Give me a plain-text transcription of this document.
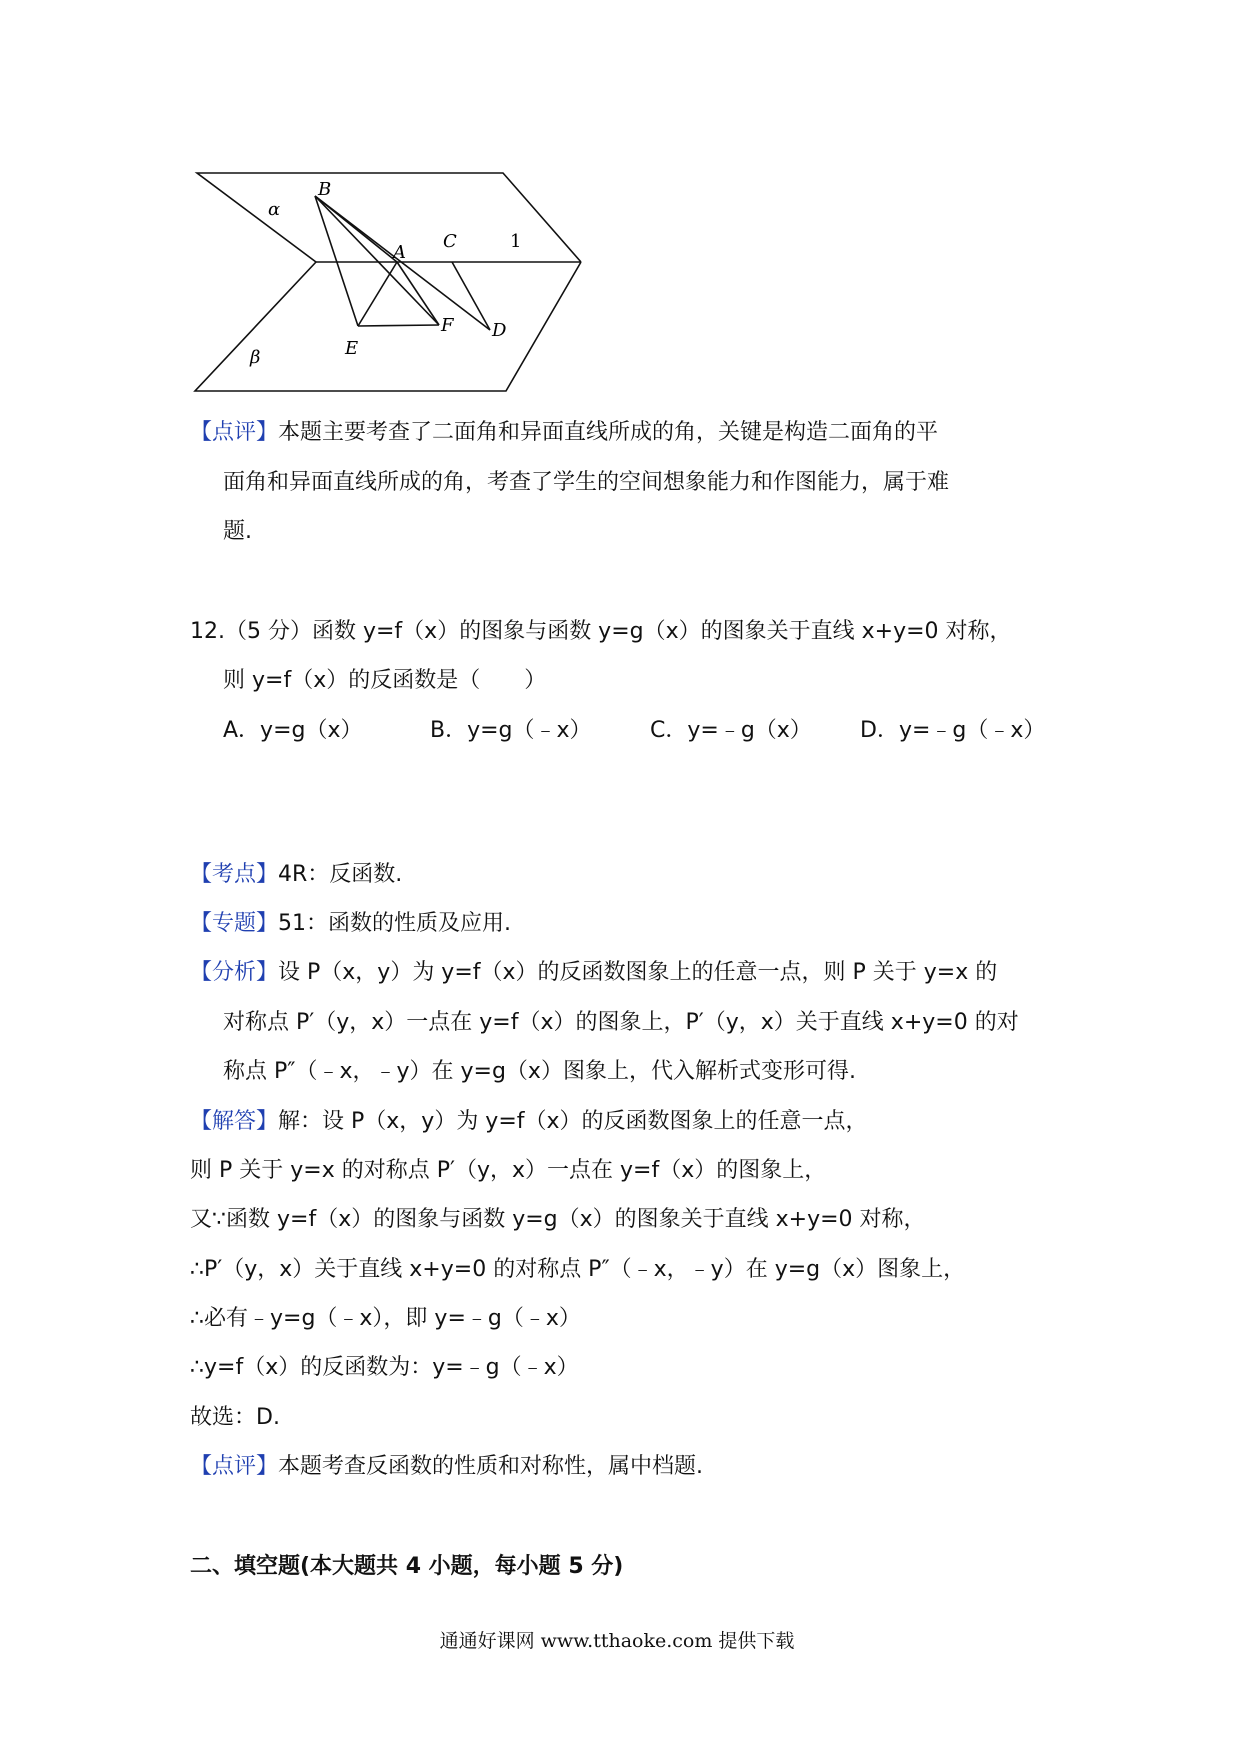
α
B
A
C	1
E
F D
β
【点评】本题主要考查了二面角和异面直线所成的角，关键是构造二面角的平
面角和异面直线所成的角，考查了学生的空间想象能力和作图能力，属于难
题.
12.（5 分）函数 y=f（x）的图象与函数 y=g（x）的图象关于直线 x+y=0 对称，
则 y=f（x）的反函数是（　　）
A．y=g（x）	B．y=g（﹣x）	C．y=﹣g（x） D．y=﹣g（﹣x）
【考点】4R：反函数.
【专题】51：函数的性质及应用.
【分析】设 P（x，y）为 y=f（x）的反函数图象上的任意一点，则 P 关于 y=x 的
对称点 P′（y，x）一点在 y=f（x）的图象上，P′（y，x）关于直线 x+y=0 的对
称点 P″（﹣x，﹣y）在 y=g（x）图象上，代入解析式变形可得.
【解答】解：设 P（x，y）为 y=f（x）的反函数图象上的任意一点，
则 P 关于 y=x 的对称点 P′（y，x）一点在 y=f（x）的图象上，
又∵函数 y=f（x）的图象与函数 y=g（x）的图象关于直线 x+y=0 对称，
∴P′（y，x）关于直线 x+y=0 的对称点 P″（﹣x，﹣y）在 y=g（x）图象上，
∴必有﹣y=g（﹣x），即 y=﹣g（﹣x）
∴y=f（x）的反函数为：y=﹣g（﹣x）
故选：D.
【点评】本题考查反函数的性质和对称性，属中档题.
二、填空题(本大题共 4 小题，每小题 5 分)
通通好课网 www.tthaoke.com 提供下载
